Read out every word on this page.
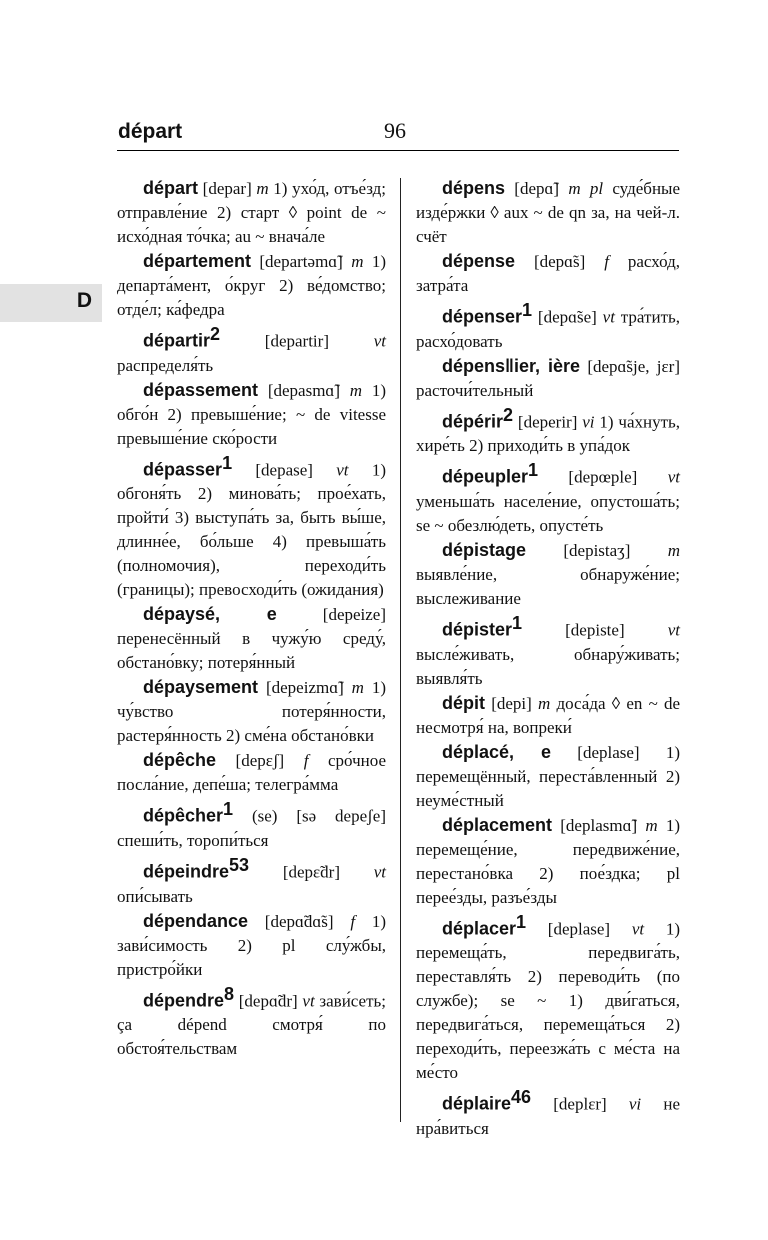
départ	96
D

départ [depar] m 1) ухо́д, отъе́зд; отправле́ние 2) старт ◊ point de ~ исхо́дная то́чка; au ~ внача́ле

département [departəmɑ̃] m 1) департа́мент, о́круг 2) ве́домство; отде́л; ка́федра

départir$^2$	[departir]	vt распределя́ть

dépassement [depasmɑ̃] m 1) обго́н 2) превыше́ние; ~ de vitesse превыше́ние ско́рости

dépasser$^1$ [depase] vt 1) обгоня́ть 2) минова́ть; прое́хать, пройти́ 3) выступа́ть за, быть вы́ше, длинне́е, бо́льше 4) превыша́ть (полномочия), переходи́ть (границы); превосходи́ть (ожидания)

dépaysé, e	[depeize] перенесённый в чужу́ю среду́, обстано́вку; потеря́нный

dépaysement [depeizmɑ̃] m 1) чу́вство потеря́нности, растеря́нность 2) сме́на обстано́вки

dépêche [depɛʃ] f сро́чное посла́ние, депе́ша; телегра́мма

dépêcher$^1$ (se) [sə depeʃe] спеши́ть, торопи́ться

dépeindre$^{53}$ [depɛ̃dr] vt опи́сывать

dépendance [depɑ̃dɑ̃s] f 1) зави́симость 2) pl слу́жбы, пристро́йки

dépendre$^8$ [depɑ̃dr] vt зави́сеть; ça dépend смотря́ по обстоя́тельствам

dépens [depɑ̃] m pl суде́бные изде́ржки ◊ aux ~ de qn за, на чей-л. счёт

dépense [depɑ̃s] f расхо́д, затра́та

dépenser$^1$ [depɑ̃se] vt тра́тить, расхо́довать

dépens‖ier, ière [depɑ̃sje, jɛr] расточи́тельный

dépérir$^2$ [deperir] vi 1) ча́хнуть, хире́ть 2) приходи́ть в упа́док

dépeupler$^1$ [depœple] vt уменьша́ть населе́ние, опустоша́ть; se ~ обезлю́деть, опусте́ть

dépistage [depistaʒ] m выявле́ние, обнаруже́ние; выслеживание

dépister$^1$	[depiste]	vt высле́живать, обнару́живать; выявля́ть

dépit [depi] m доса́да ◊ en ~ de несмотря́ на, вопреки́

déplacé, e [deplase] 1) перемещённый, переста́вленный 2) неуме́стный

déplacement [deplasmɑ̃] m 1) перемеще́ние, передвиже́ние, перестано́вка 2) пое́здка; pl перее́зды, разъе́зды

déplacer$^1$ [deplase] vt 1) перемеща́ть, передвига́ть, переставля́ть 2) переводи́ть (по службе); se ~ 1) дви́гаться, передвига́ться, перемеща́ться 2) переходи́ть, переезжа́ть с ме́ста на ме́сто

déplaire$^{46}$ [deplɛr] vi не нра́виться
